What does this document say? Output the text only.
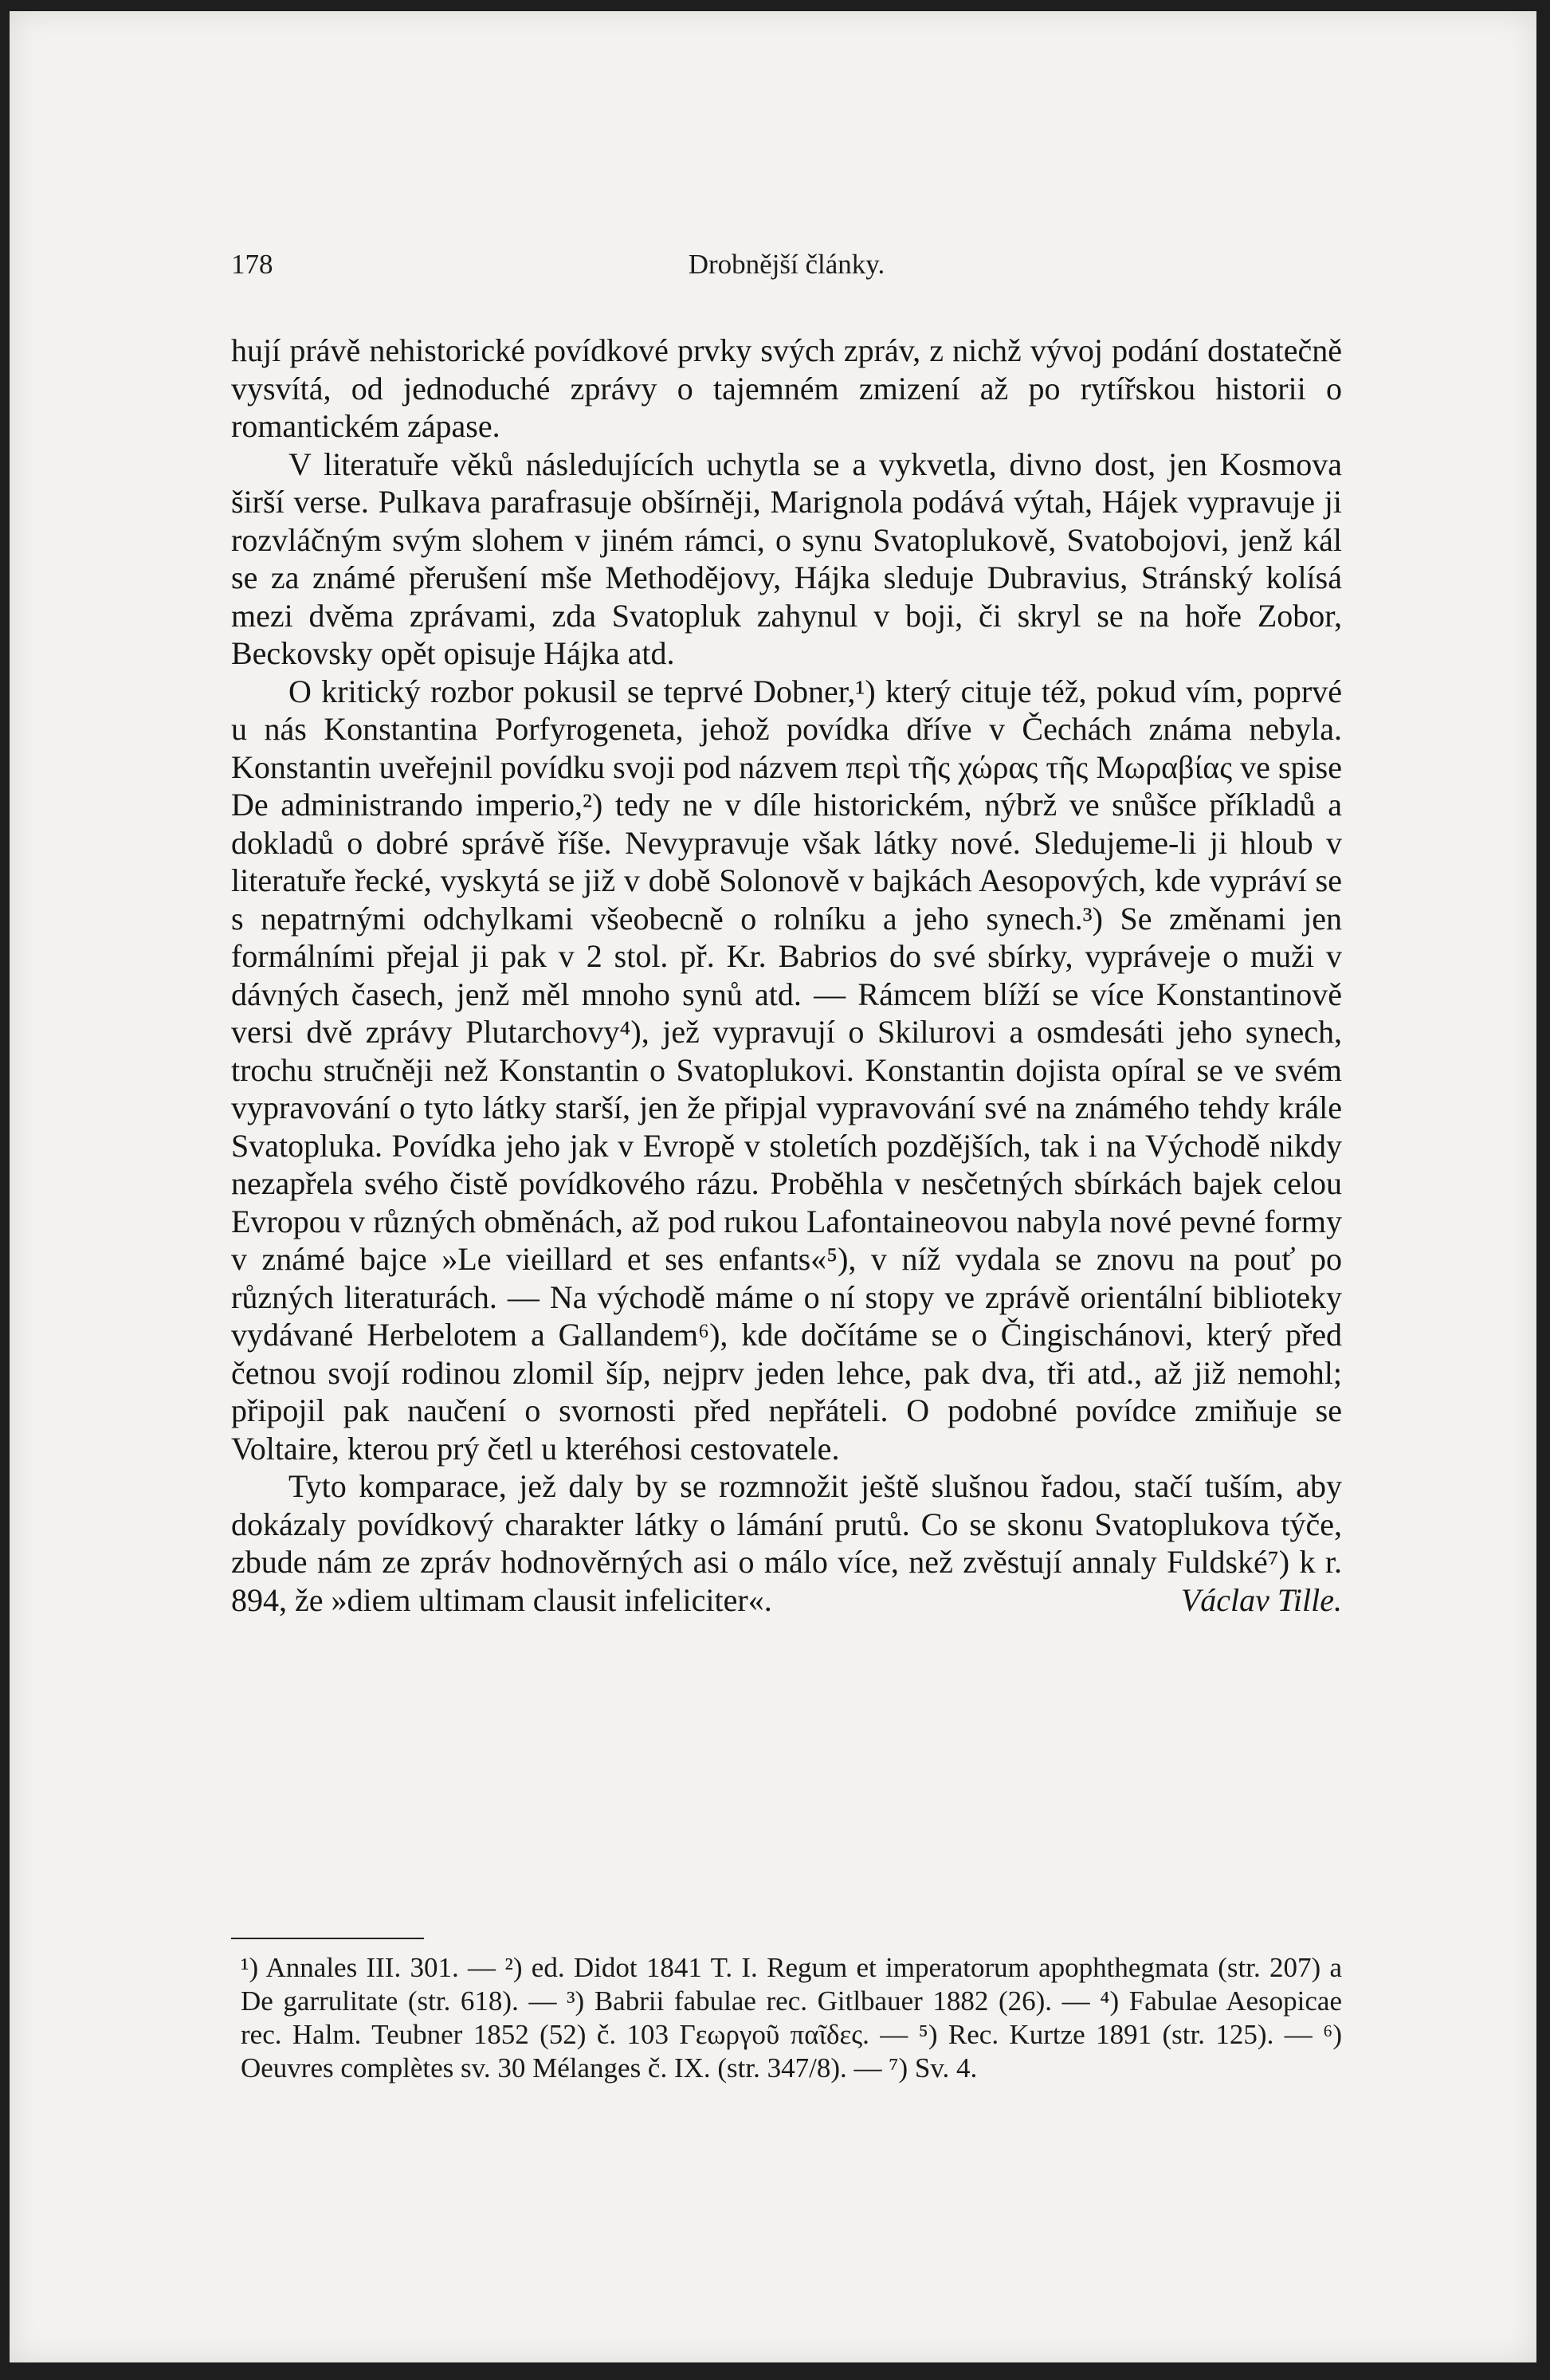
Drobnější články.
178

hují právě nehistorické povídkové prvky svých zpráv, z nichž vývoj podání dostatečně vysvítá, od jednoduché zprávy o tajemném zmizení až po rytířskou historii o romantickém zápase.

V literatuře věků následujících uchytla se a vykvetla, divno dost, jen Kosmova širší verse. Pulkava parafrasuje obšírněji, Marignola podává výtah, Hájek vypravuje ji rozvláčným svým slohem v jiném rámci, o synu Svatoplukově, Svatobojovi, jenž kál se za známé přerušení mše Methodějovy, Hájka sleduje Dubravius, Stránský kolísá mezi dvěma zprávami, zda Svatopluk zahynul v boji, či skryl se na hoře Zobor, Beckovsky opět opisuje Hájka atd.

O kritický rozbor pokusil se teprvé Dobner,¹) který cituje též, pokud vím, poprvé u nás Konstantina Porfyrogeneta, jehož povídka dříve v Čechách známa nebyla. Konstantin uveřejnil povídku svoji pod názvem περὶ τῆς χώρας τῆς Μωραβίας ve spise De administrando imperio,²) tedy ne v díle historickém, nýbrž ve snůšce příkladů a dokladů o dobré správě říše. Nevypravuje však látky nové. Sledujeme-li ji hloub v literatuře řecké, vyskytá se již v době Solonově v bajkách Aesopových, kde vypráví se s nepatrnými odchylkami všeobecně o rolníku a jeho synech.³) Se změnami jen formálními přejal ji pak v 2 stol. př. Kr. Babrios do své sbírky, vypráveje o muži v dávných časech, jenž měl mnoho synů atd. — Rámcem blíží se více Konstantinově versi dvě zprávy Plutarchovy⁴), jež vypravují o Skilurovi a osmdesáti jeho synech, trochu stručněji než Konstantin o Svatoplukovi. Konstantin dojista opíral se ve svém vypravování o tyto látky starší, jen že připjal vypravování své na známého tehdy krále Svatopluka. Povídka jeho jak v Evropě v stoletích pozdějších, tak i na Východě nikdy nezapřela svého čistě povídkového rázu. Proběhla v nesčetných sbírkách bajek celou Evropou v různých obměnách, až pod rukou Lafontaineovou nabyla nové pevné formy v známé bajce »Le vieillard et ses enfants«⁵), v níž vydala se znovu na pouť po různých literaturách. — Na východě máme o ní stopy ve zprávě orientální biblioteky vydávané Herbelotem a Gallandem⁶), kde dočítáme se o Čingischánovi, který před četnou svojí rodinou zlomil šíp, nejprv jeden lehce, pak dva, tři atd., až již nemohl; připojil pak naučení o svornosti před nepřáteli. O podobné povídce zmiňuje se Voltaire, kterou prý četl u kteréhosi cestovatele.

Tyto komparace, jež daly by se rozmnožit ještě slušnou řadou, stačí tuším, aby dokázaly povídkový charakter látky o lámání prutů. Co se skonu Svatoplukova týče, zbude nám ze zpráv hodnověrných asi o málo více, než zvěstují annaly Fuldské⁷) k r. 894, že »diem ultimam clausit infeliciter«.	Václav Tille.

¹) Annales III. 301. — ²) ed. Didot 1841 T. I. Regum et imperatorum apophthegmata (str. 207) a De garrulitate (str. 618). — ³) Babrii fabulae rec. Gitlbauer 1882 (26). — ⁴) Fabulae Aesopicae rec. Halm. Teubner 1852 (52) č. 103 Γεωργοῦ παῖδες. — ⁵) Rec. Kurtze 1891 (str. 125). — ⁶) Oeuvres complètes sv. 30 Mélanges č. IX. (str. 347/8). — ⁷) Sv. 4.
